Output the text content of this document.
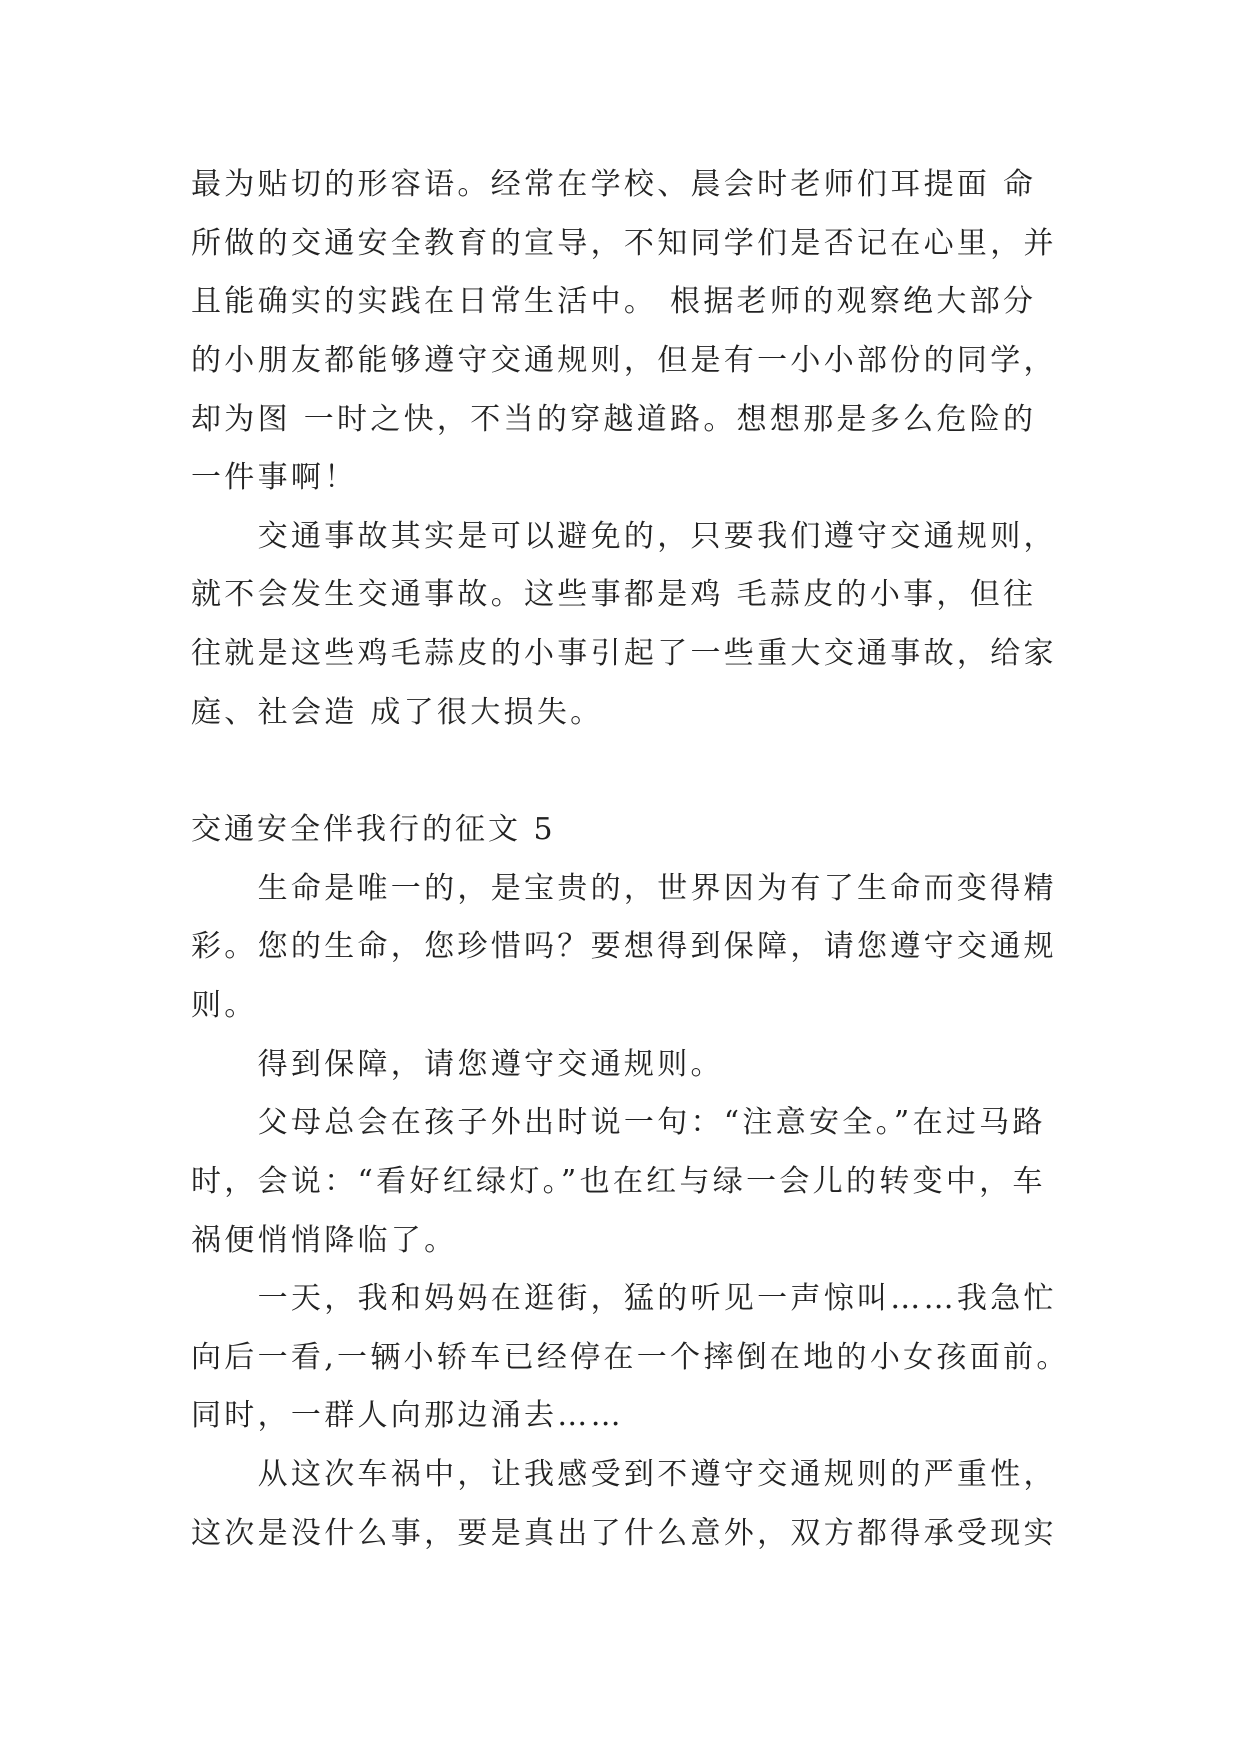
最为贴切的形容语。经常在学校、晨会时老师们耳提面 命
所做的交通安全教育的宣导，不知同学们是否记在心里，并
且能确实的实践在日常生活中。 根据老师的观察绝大部分
的小朋友都能够遵守交通规则，但是有一小小部份的同学，
却为图 一时之快，不当的穿越道路。想想那是多么危险的
一件事啊！
交通事故其实是可以避免的，只要我们遵守交通规则，
就不会发生交通事故。这些事都是鸡 毛蒜皮的小事，但往
往就是这些鸡毛蒜皮的小事引起了一些重大交通事故，给家
庭、社会造 成了很大损失。
交通安全伴我行的征文 5
生命是唯一的，是宝贵的，世界因为有了生命而变得精
彩。您的生命，您珍惜吗？要想得到保障，请您遵守交通规
则。
得到保障，请您遵守交通规则。
父母总会在孩子外出时说一句：“注意安全。”在过马路
时，会说：“看好红绿灯。”也在红与绿一会儿的转变中，车
祸便悄悄降临了。
一天，我和妈妈在逛街，猛的听见一声惊叫……我急忙
向后一看,一辆小轿车已经停在一个摔倒在地的小女孩面前。
同时，一群人向那边涌去……
从这次车祸中，让我感受到不遵守交通规则的严重性，
这次是没什么事，要是真出了什么意外，双方都得承受现实
